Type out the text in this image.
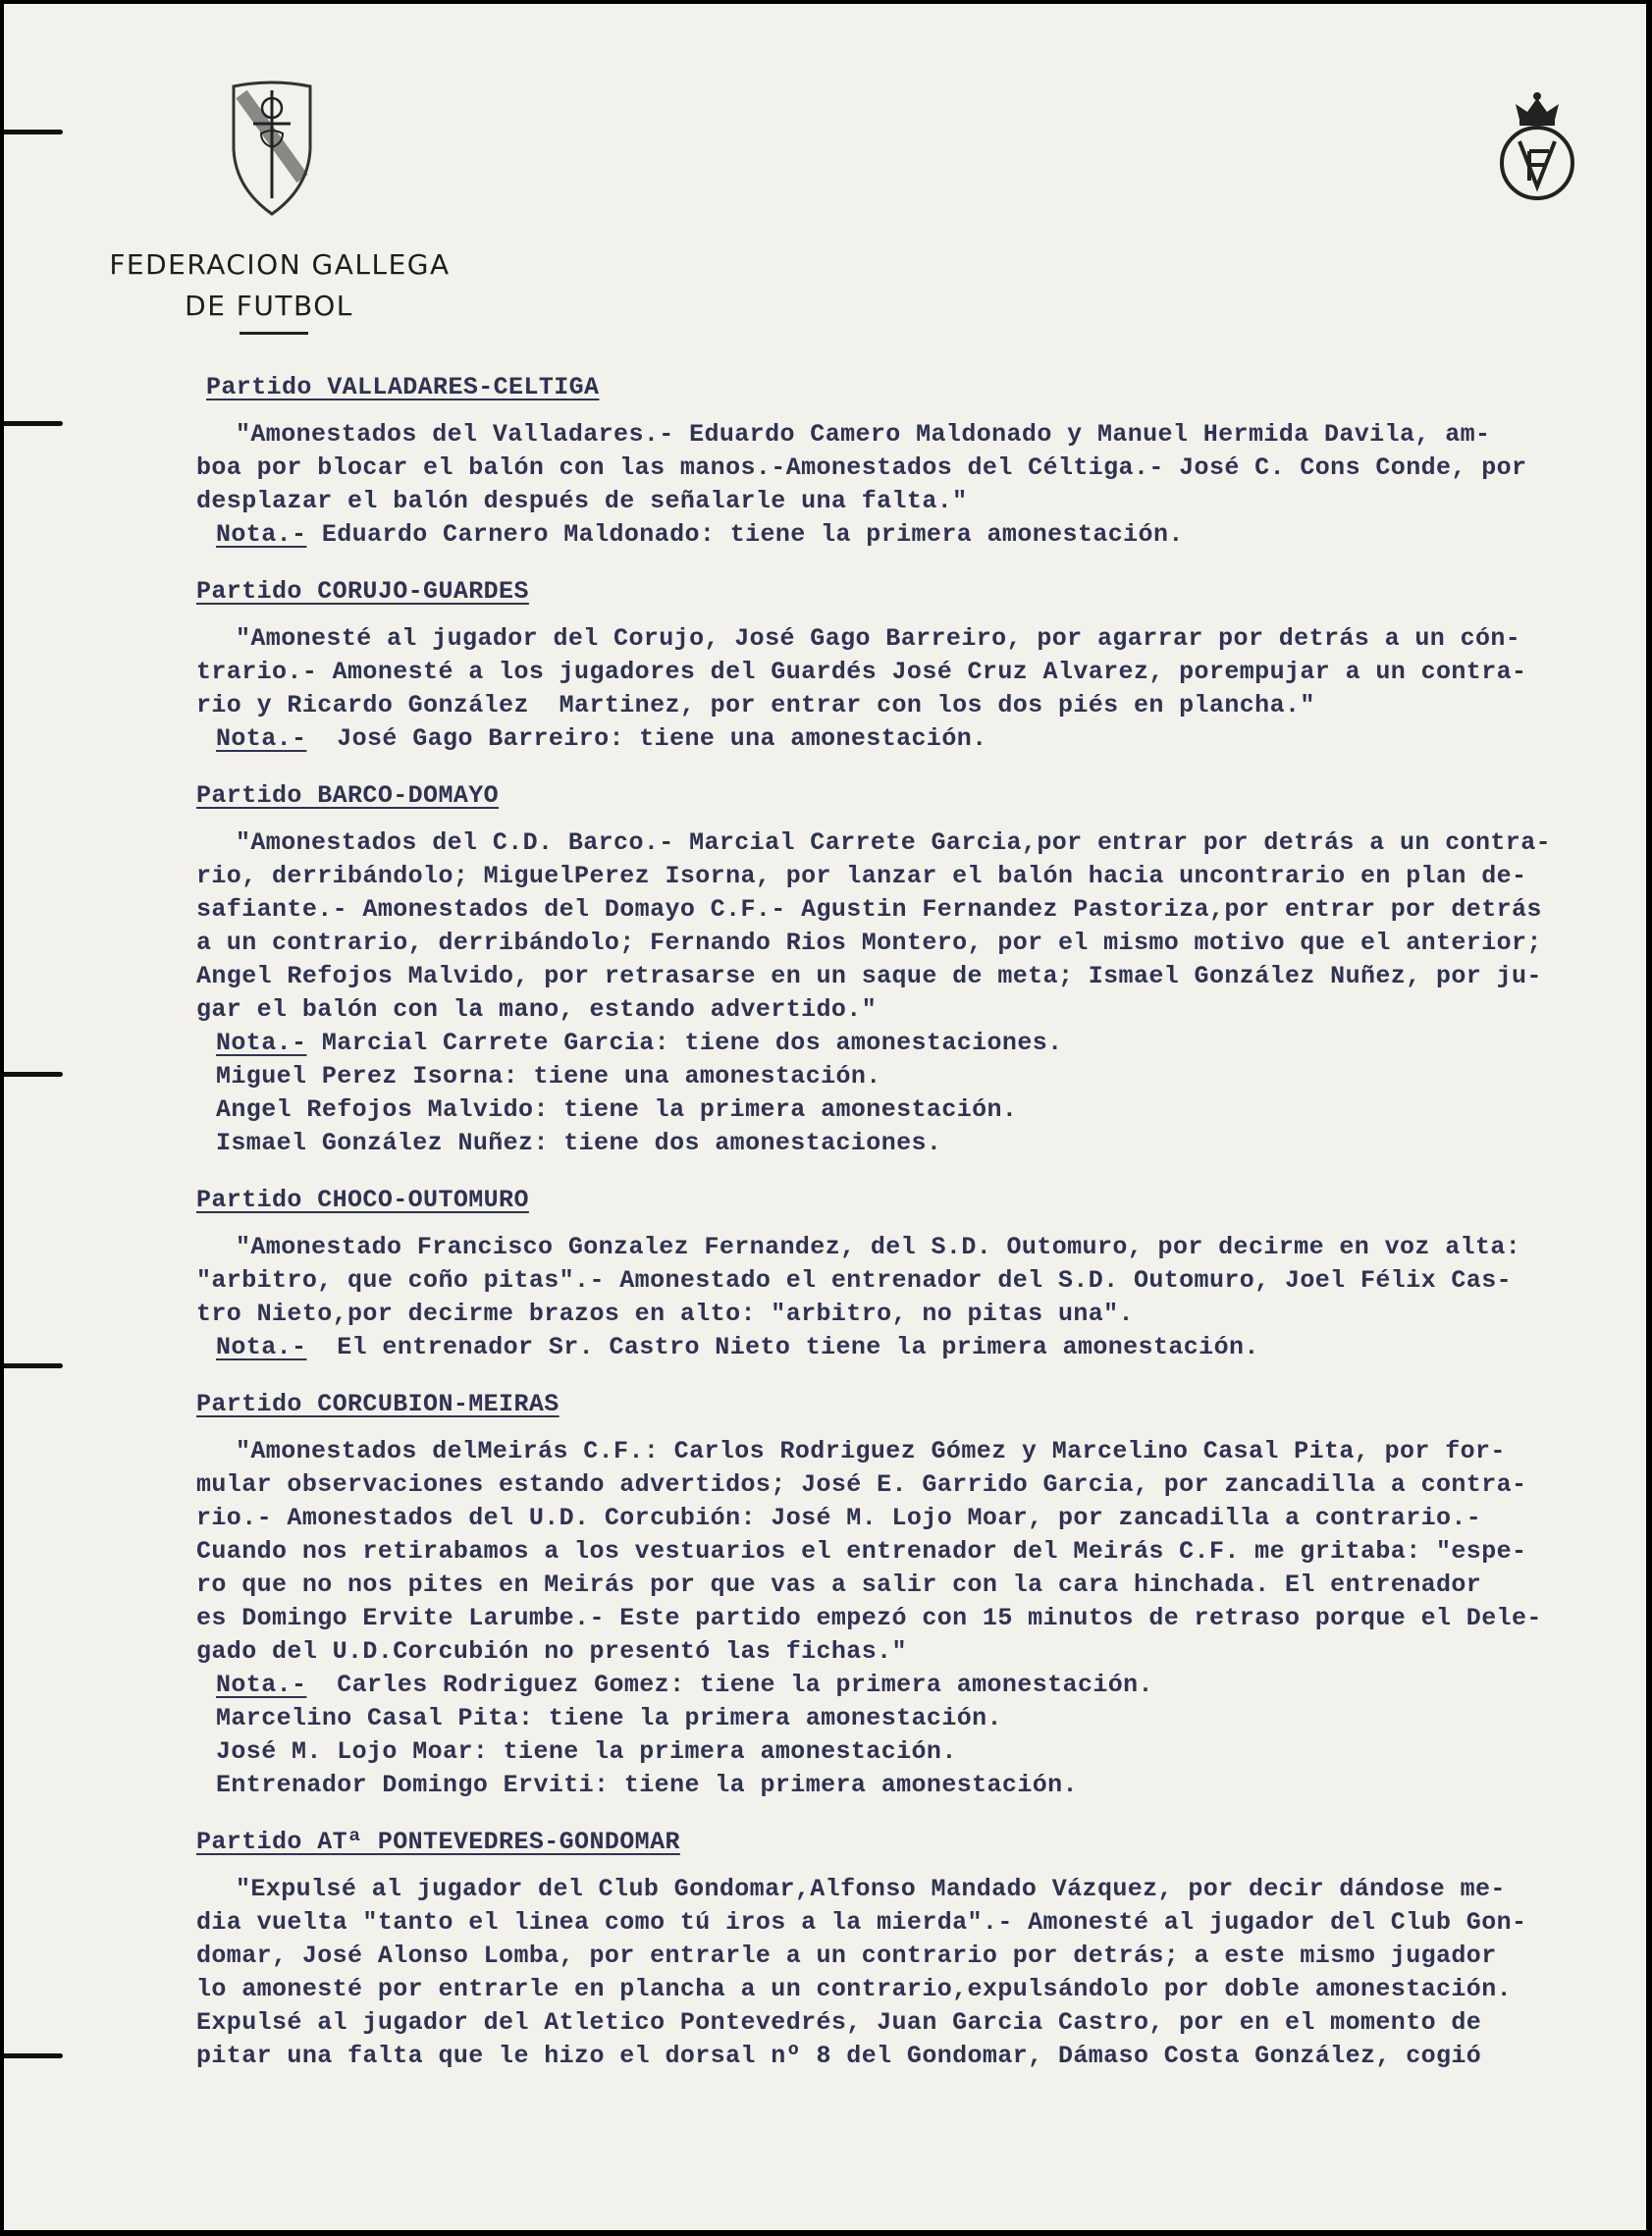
FEDERACION GALLEGA
DE FUTBOL
Partido VALLADARES-CELTIGA
"Amonestados del Valladares.- Eduardo Camero Maldonado y Manuel Hermida Davila, am-
boa por blocar el balón con las manos.-Amonestados del Céltiga.- José C. Cons Conde, por
desplazar el balón después de señalarle una falta."
Nota.- Eduardo Carnero Maldonado: tiene la primera amonestación.
Partido CORUJO-GUARDES
"Amonesté al jugador del Corujo, José Gago Barreiro, por agarrar por detrás a un cón-
trario.- Amonesté a los jugadores del Guardés José Cruz Alvarez, porempujar a un contra-
rio y Ricardo González  Martinez, por entrar con los dos piés en plancha."
Nota.-  José Gago Barreiro: tiene una amonestación.
Partido BARCO-DOMAYO
"Amonestados del C.D. Barco.- Marcial Carrete Garcia,por entrar por detrás a un contra-
rio, derribándolo; MiguelPerez Isorna, por lanzar el balón hacia uncontrario en plan de-
safiante.- Amonestados del Domayo C.F.- Agustin Fernandez Pastoriza,por entrar por detrás
a un contrario, derribándolo; Fernando Rios Montero, por el mismo motivo que el anterior;
Angel Refojos Malvido, por retrasarse en un saque de meta; Ismael González Nuñez, por ju-
gar el balón con la mano, estando advertido."
Nota.- Marcial Carrete Garcia: tiene dos amonestaciones.
Miguel Perez Isorna: tiene una amonestación.
Angel Refojos Malvido: tiene la primera amonestación.
Ismael González Nuñez: tiene dos amonestaciones.
Partido CHOCO-OUTOMURO
"Amonestado Francisco Gonzalez Fernandez, del S.D. Outomuro, por decirme en voz alta:
"arbitro, que coño pitas".- Amonestado el entrenador del S.D. Outomuro, Joel Félix Cas-
tro Nieto,por decirme brazos en alto: "arbitro, no pitas una".
Nota.-  El entrenador Sr. Castro Nieto tiene la primera amonestación.
Partido CORCUBION-MEIRAS
"Amonestados delMeirás C.F.: Carlos Rodriguez Gómez y Marcelino Casal Pita, por for-
mular observaciones estando advertidos; José E. Garrido Garcia, por zancadilla a contra-
rio.- Amonestados del U.D. Corcubión: José M. Lojo Moar, por zancadilla a contrario.-
Cuando nos retirabamos a los vestuarios el entrenador del Meirás C.F. me gritaba: "espe-
ro que no nos pites en Meirás por que vas a salir con la cara hinchada. El entrenador
es Domingo Ervite Larumbe.- Este partido empezó con 15 minutos de retraso porque el Dele-
gado del U.D.Corcubión no presentó las fichas."
Nota.-  Carles Rodriguez Gomez: tiene la primera amonestación.
Marcelino Casal Pita: tiene la primera amonestación.
José M. Lojo Moar: tiene la primera amonestación.
Entrenador Domingo Erviti: tiene la primera amonestación.
Partido ATª PONTEVEDRES-GONDOMAR
"Expulsé al jugador del Club Gondomar,Alfonso Mandado Vázquez, por decir dándose me-
dia vuelta "tanto el linea como tú iros a la mierda".- Amonesté al jugador del Club Gon-
domar, José Alonso Lomba, por entrarle a un contrario por detrás; a este mismo jugador
lo amonesté por entrarle en plancha a un contrario,expulsándolo por doble amonestación.
Expulsé al jugador del Atletico Pontevedrés, Juan Garcia Castro, por en el momento de
pitar una falta que le hizo el dorsal nº 8 del Gondomar, Dámaso Costa González, cogió
